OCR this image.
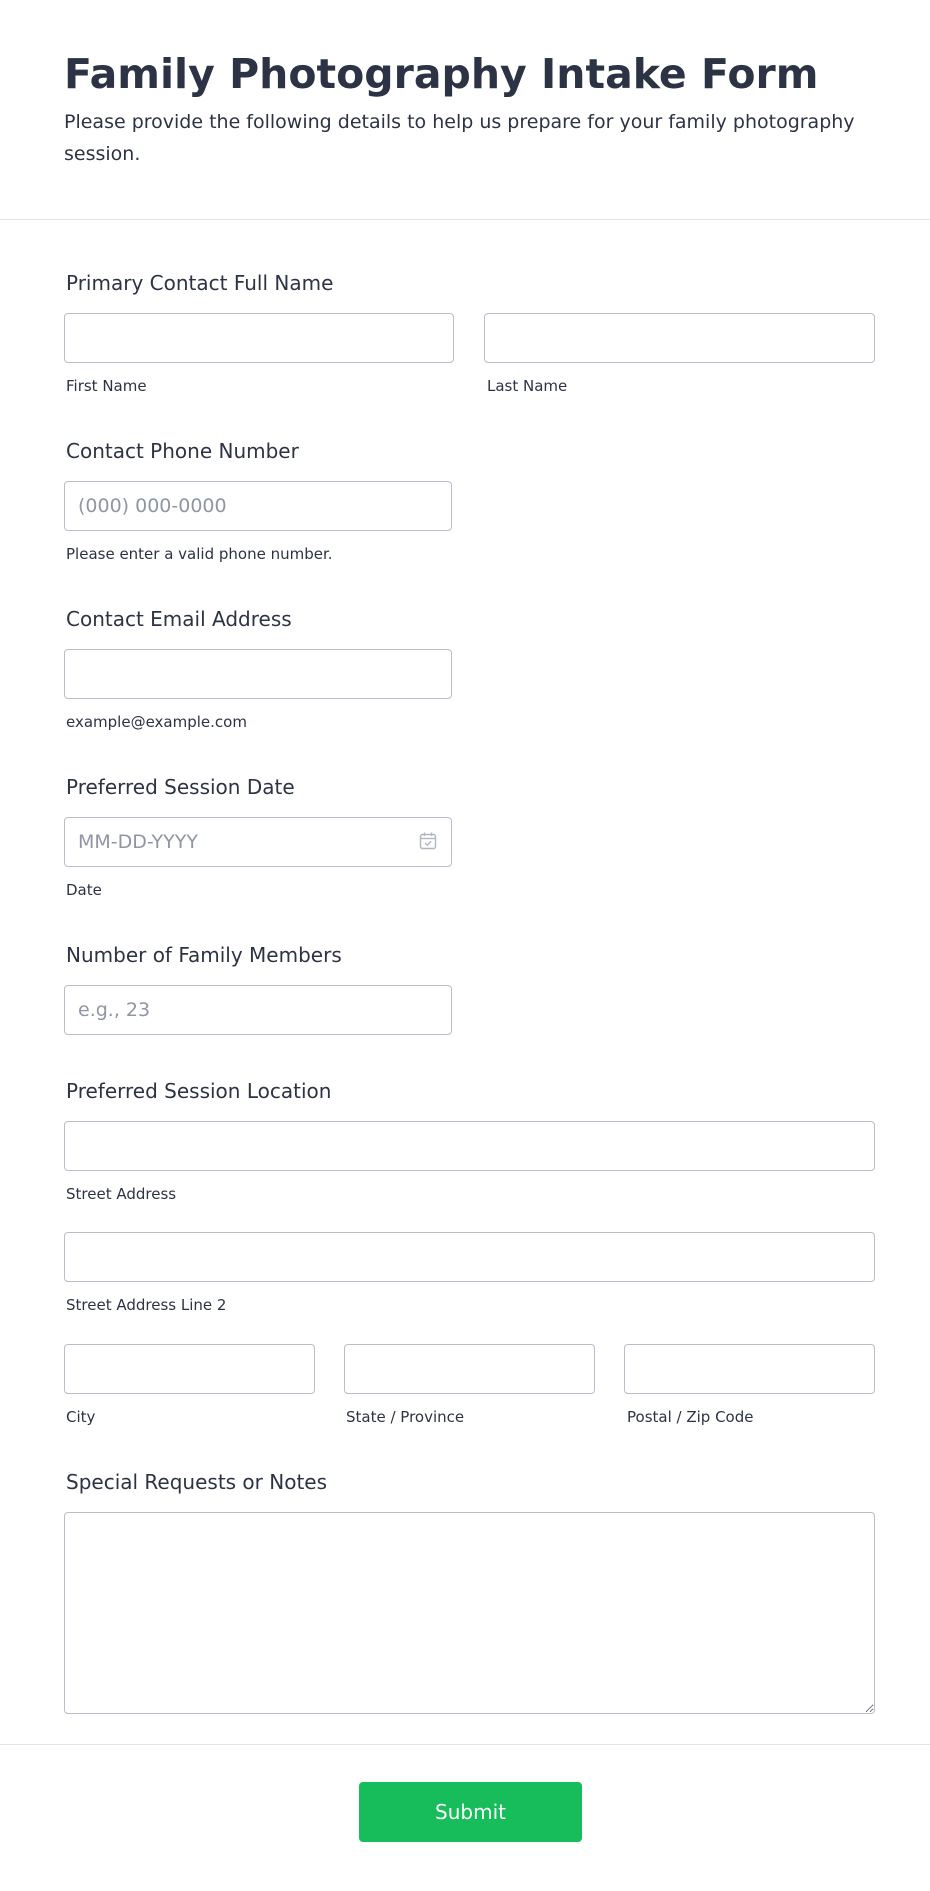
Family Photography Intake Form

Please provide the following details to help us prepare for your family photography session.

Primary Contact Full Name
First Name	Last Name
Contact Phone Number
(000) 000-0000
Please enter a valid phone number.
Contact Email Address
example@example.com
Preferred Session Date
MM-DD-YYYY
Date
Number of Family Members
e.g., 23
Preferred Session Location
Street Address
Street Address Line 2
City	State / Province	Postal / Zip Code
Special Requests or Notes
Submit
